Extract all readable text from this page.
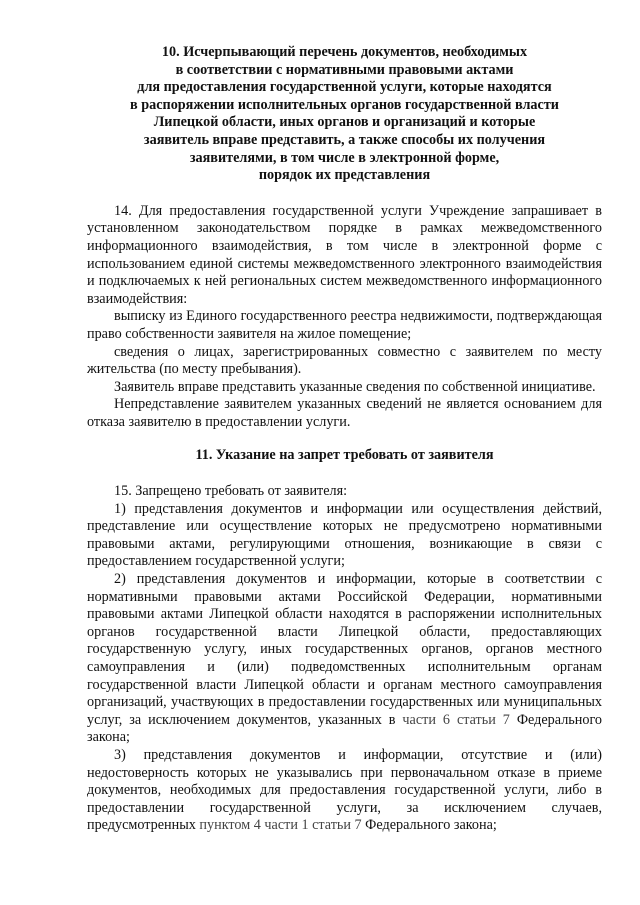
10. Исчерпывающий перечень документов, необходимых
в соответствии с нормативными правовыми актами
для предоставления государственной услуги, которые находятся
в распоряжении исполнительных органов государственной власти
Липецкой области, иных органов и организаций и которые
заявитель вправе представить, а также способы их получения
заявителями, в том числе в электронной форме,
порядок их представления

14. Для предоставления государственной услуги Учреждение запрашивает в установленном законодательством порядке в рамках межведомственного информационного взаимодействия, в том числе в электронной форме с использованием единой системы межведомственного электронного взаимодействия и подключаемых к ней региональных систем межведомственного информационного взаимодействия:

выписку из Единого государственного реестра недвижимости, подтверждающая право собственности заявителя на жилое помещение;

сведения о лицах, зарегистрированных совместно с заявителем по месту жительства (по месту пребывания).

Заявитель вправе представить указанные сведения по собственной инициативе.

Непредставление заявителем указанных сведений не является основанием для отказа заявителю в предоставлении услуги.

11. Указание на запрет требовать от заявителя

15. Запрещено требовать от заявителя:

1) представления документов и информации или осуществления действий, представление или осуществление которых не предусмотрено нормативными правовыми актами, регулирующими отношения, возникающие в связи с предоставлением государственной услуги;

2) представления документов и информации, которые в соответствии с нормативными правовыми актами Российской Федерации, нормативными правовыми актами Липецкой области находятся в распоряжении исполнительных органов государственной власти Липецкой области, предоставляющих государственную услугу, иных государственных органов, органов местного самоуправления и (или) подведомственных исполнительным органам государственной власти Липецкой области и органам местного самоуправления организаций, участвующих в предоставлении государственных или муниципальных услуг, за исключением документов, указанных в части 6 статьи 7 Федерального закона;

3) представления документов и информации, отсутствие и (или) недостоверность которых не указывались при первоначальном отказе в приеме документов, необходимых для предоставления государственной услуги, либо в предоставлении государственной услуги, за исключением случаев, предусмотренных пунктом 4 части 1 статьи 7 Федерального закона;
